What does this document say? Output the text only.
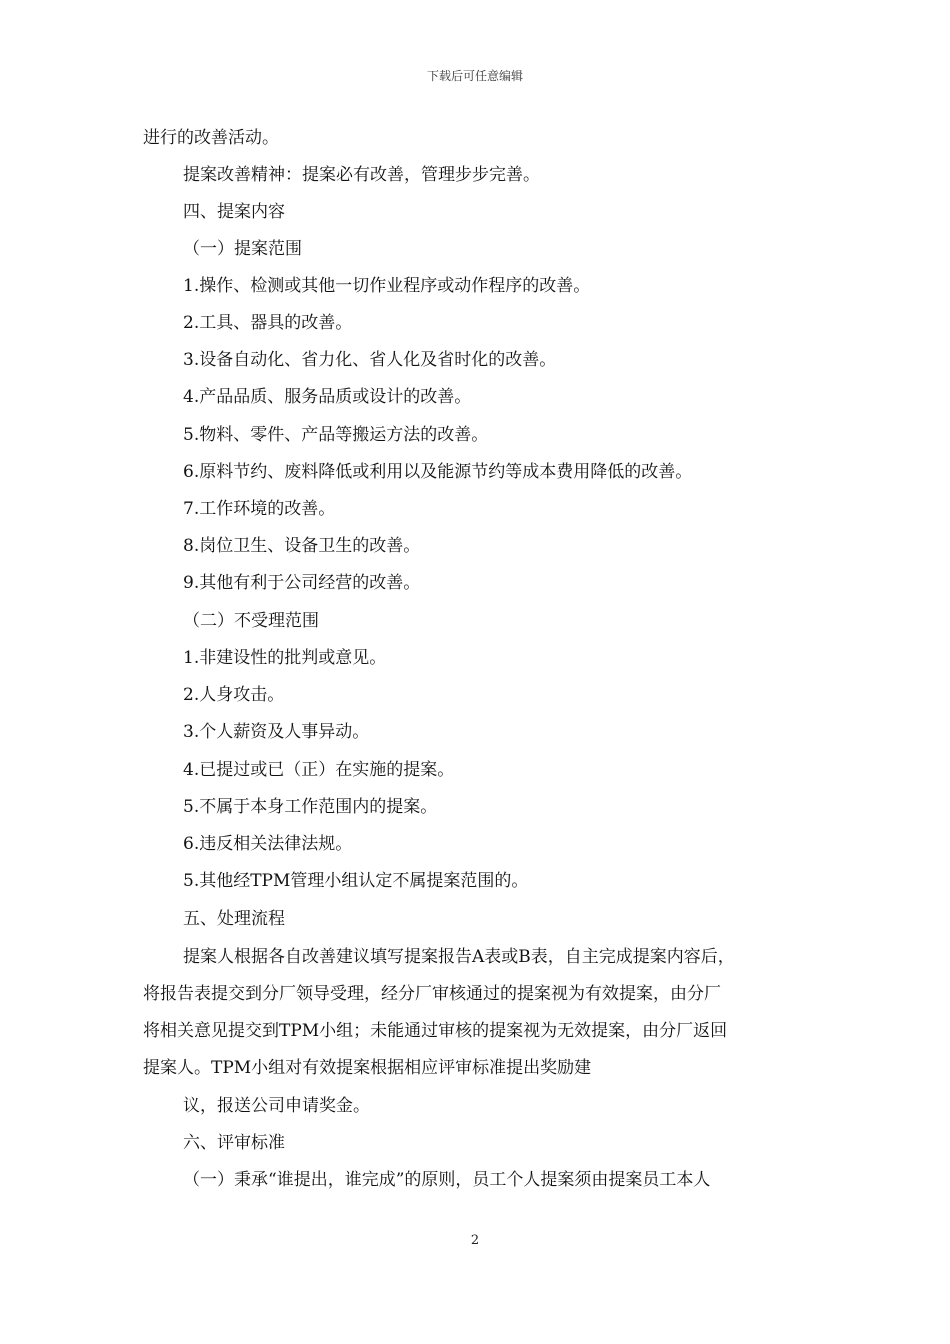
下载后可任意编辑
进行的改善活动。
提案改善精神：提案必有改善，管理步步完善。
四、提案内容
（一）提案范围
1.操作、检测或其他一切作业程序或动作程序的改善。
2.工具、器具的改善。
3.设备自动化、省力化、省人化及省时化的改善。
4.产品品质、服务品质或设计的改善。
5.物料、零件、产品等搬运方法的改善。
6.原料节约、废料降低或利用以及能源节约等成本费用降低的改善。
7.工作环境的改善。
8.岗位卫生、设备卫生的改善。
9.其他有利于公司经营的改善。
（二）不受理范围
1.非建设性的批判或意见。
2.人身攻击。
3.个人薪资及人事异动。
4.已提过或已（正）在实施的提案。
5.不属于本身工作范围内的提案。
6.违反相关法律法规。
5.其他经TPM管理小组认定不属提案范围的。
五、处理流程
提案人根据各自改善建议填写提案报告A表或B表，自主完成提案内容后，
将报告表提交到分厂领导受理，经分厂审核通过的提案视为有效提案，由分厂
将相关意见提交到TPM小组；未能通过审核的提案视为无效提案，由分厂返回
提案人。TPM小组对有效提案根据相应评审标准提出奖励建
议，报送公司申请奖金。
六、评审标准
（一）秉承“谁提出，谁完成”的原则，员工个人提案须由提案员工本人
2
